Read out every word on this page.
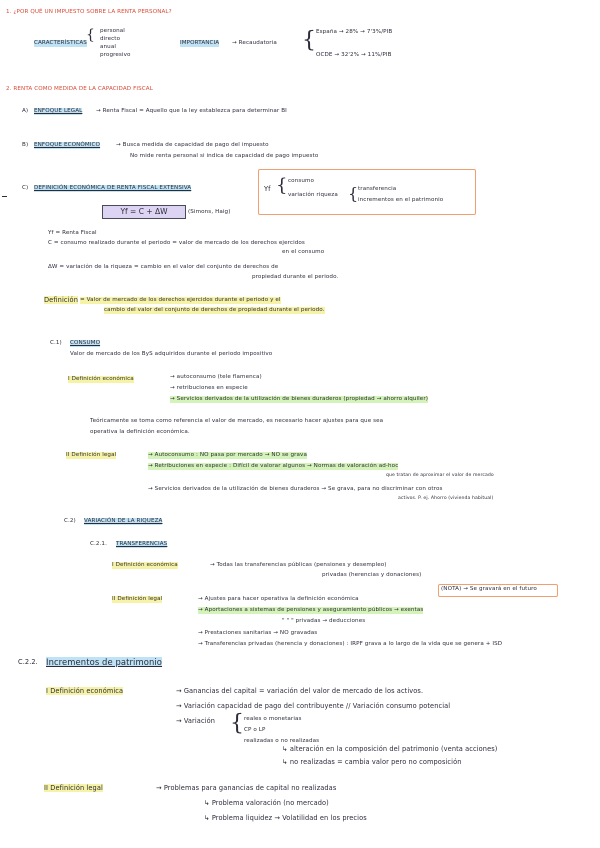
1. ¿POR QUÉ UN IMPUESTO SOBRE LA RENTA PERSONAL?
CARACTERÍSTICAS { personal
directo
anual
progresivo
IMPORTANCIA → Recaudatoria { España → 28% → 7'3%/PIB
OCDE → 32'2% → 11%/PIB
2. RENTA COMO MEDIDA DE LA CAPACIDAD FISCAL
A) ENFOQUE LEGAL → Renta Fiscal = Aquello que la ley establezca para determinar BI
B) ENFOQUE ECONÓMICO	→ Busca medida de capacidad de pago del impuesto
No mide renta personal si indica de capacidad de pago impuesto
C) DEFINICIÓN ECONÓMICA DE RENTA FISCAL EXTENSIVA	Yf { consumo
variación riqueza { transferencia
incrementos en el patrimonio
Yf = C + ΔW	(Simons, Haig)
Yf = Renta Fiscal
C = consumo realizado durante el periodo = valor de mercado de los derechos ejercidos
en el consumo
ΔW = variación de la riqueza = cambio en el valor del conjunto de derechos de
propiedad durante el periodo.
Definición = Valor de mercado de los derechos ejercidos durante el periodo y el
cambio del valor del conjunto de derechos de propiedad durante el periodo.
C.1) CONSUMO
Valor de mercado de los ByS adquiridos durante el periodo impositivo
I Definición económica	→ autoconsumo (tele flamenca)
→ retribuciones en especie
→ Servicios derivados de la utilización de bienes duraderos (propiedad → ahorro alquiler)
Teóricamente se toma como referencia el valor de mercado, es necesario hacer ajustes para que sea
operativa la definición económica.
II Definición legal	→ Autoconsumo : NO pasa por mercado → NO se grava
→ Retribuciones en especie : Difícil de valorar algunos → Normas de valoración ad-hoc
que tratan de aproximar el valor de mercado
→ Servicios derivados de la utilización de bienes duraderos → Se grava, para no discriminar con otros
activos. P. ej. Ahorro (vivienda habitual)
C.2) VARIACIÓN DE LA RIQUEZA
C.2.1. TRANSFERENCIAS
I Definición económica	→ Todas las transferencias públicas (pensiones y desempleo)
privadas (herencias y donaciones)
(NOTA) → Se gravará en el futuro
II Definición legal	→ Ajustes para hacer operativa la definición económica
→ Aportaciones a sistemas de pensiones y aseguramiento públicos → exentas
" " " privadas → deducciones
→ Prestaciones sanitarias → NO gravadas
→ Transferencias privadas (herencia y donaciones) : IRPF grava a lo largo de la vida que se genera + ISD
C.2.2. Incrementos de patrimonio
I Definición económica	→ Ganancias del capital = variación del valor de mercado de los activos.
→ Variación capacidad de pago del contribuyente // Variación consumo potencial
→ Variación { reales o monetarias
CP o LP
realizadas o no realizadas
↳ alteración en la composición del patrimonio (venta acciones)
↳ no realizadas = cambia valor pero no composición
II Definición legal	→ Problemas para ganancias de capital no realizadas
↳ Problema valoración (no mercado)
↳ Problema liquidez → Volatilidad en los precios
